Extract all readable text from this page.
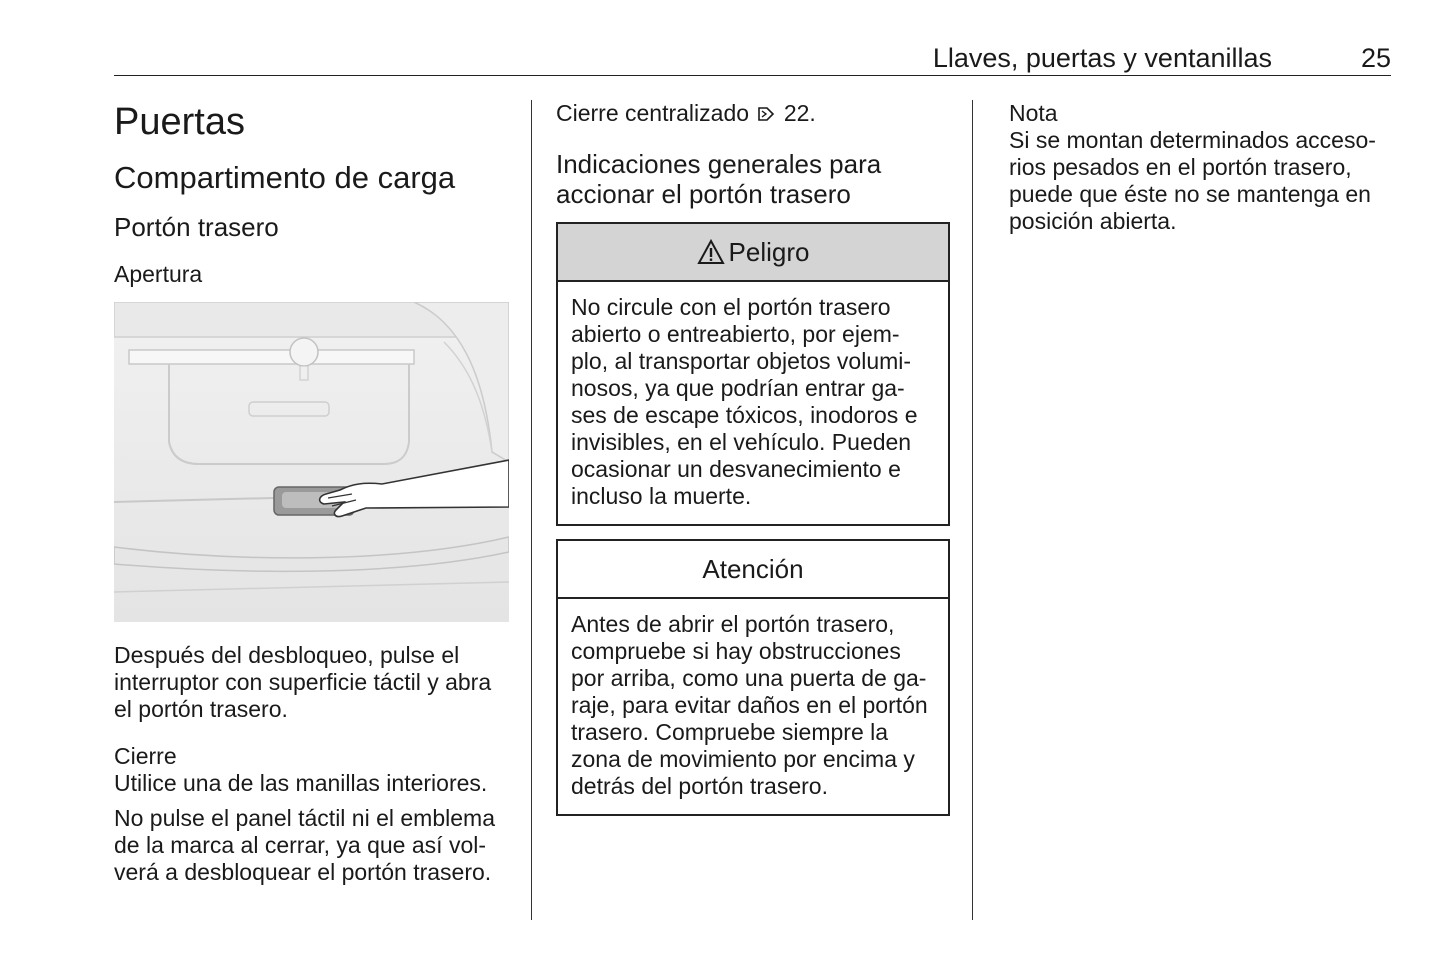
Llaves, puertas y ventanillas	25
Puertas
Compartimento de carga
Portón trasero
Apertura

Después del desbloqueo, pulse el interruptor con superficie táctil y abra el portón trasero.

Cierre

Utilice una de las manillas interiores.

No pulse el panel táctil ni el emblema de la marca al cerrar, ya que así vol- verá a desbloquear el portón trasero.

Cierre centralizado 22.

Indicaciones generales para accionar el portón trasero
Peligro
No circule con el portón trasero abierto o entreabierto, por ejem- plo, al transportar objetos volumi- nosos, ya que podrían entrar ga- ses de escape tóxicos, inodoros e invisibles, en el vehículo. Pueden ocasionar un desvanecimiento e incluso la muerte.
Atención
Antes de abrir el portón trasero, compruebe si hay obstrucciones por arriba, como una puerta de ga- raje, para evitar daños en el portón trasero. Compruebe siempre la zona de movimiento por encima y detrás del portón trasero.
Nota

Si se montan determinados acceso- rios pesados en el portón trasero, puede que éste no se mantenga en posición abierta.
